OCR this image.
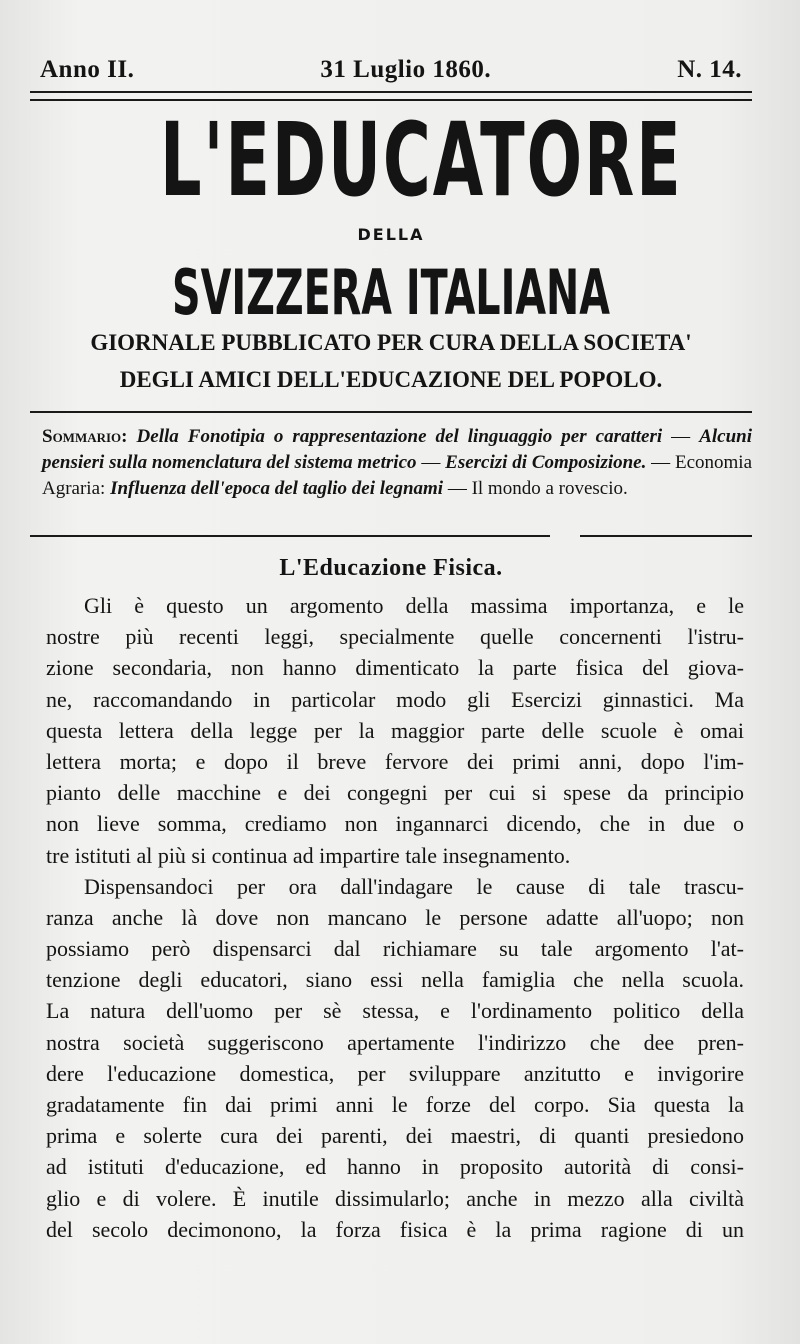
Anno II.	31 Luglio 1860.	N. 14.
L'EDUCATORE
DELLA
SVIZZERA ITALIANA
GIORNALE PUBBLICATO PER CURA DELLA SOCIETA'
DEGLI AMICI DELL'EDUCAZIONE DEL POPOLO.
Sommario: Della Fonotipia o rappresentazione del linguaggio per caratteri — Alcuni pensieri sulla nomenclatura del sistema metrico — Esercizi di Composizione. — Economia Agraria: Influenza dell'epoca del taglio dei legnami — Il mondo a rovescio.
L'Educazione Fisica.
Gli è questo un argomento della massima importanza, e le
nostre più recenti leggi, specialmente quelle concernenti l'istru-
zione secondaria, non hanno dimenticato la parte fisica del giova-
ne, raccomandando in particolar modo gli Esercizi ginnastici. Ma
questa lettera della legge per la maggior parte delle scuole è omai
lettera morta; e dopo il breve fervore dei primi anni, dopo l'im-
pianto delle macchine e dei congegni per cui si spese da principio
non lieve somma, crediamo non ingannarci dicendo, che in due o
tre istituti al più si continua ad impartire tale insegnamento.
Dispensandoci per ora dall'indagare le cause di tale trascu-
ranza anche là dove non mancano le persone adatte all'uopo; non
possiamo però dispensarci dal richiamare su tale argomento l'at-
tenzione degli educatori, siano essi nella famiglia che nella scuola.
La natura dell'uomo per sè stessa, e l'ordinamento politico della
nostra società suggeriscono apertamente l'indirizzo che dee pren-
dere l'educazione domestica, per sviluppare anzitutto e invigorire
gradatamente fin dai primi anni le forze del corpo. Sia questa la
prima e solerte cura dei parenti, dei maestri, di quanti presiedono
ad istituti d'educazione, ed hanno in proposito autorità di consi-
glio e di volere. È inutile dissimularlo; anche in mezzo alla civiltà
del secolo decimonono, la forza fisica è la prima ragione di un
